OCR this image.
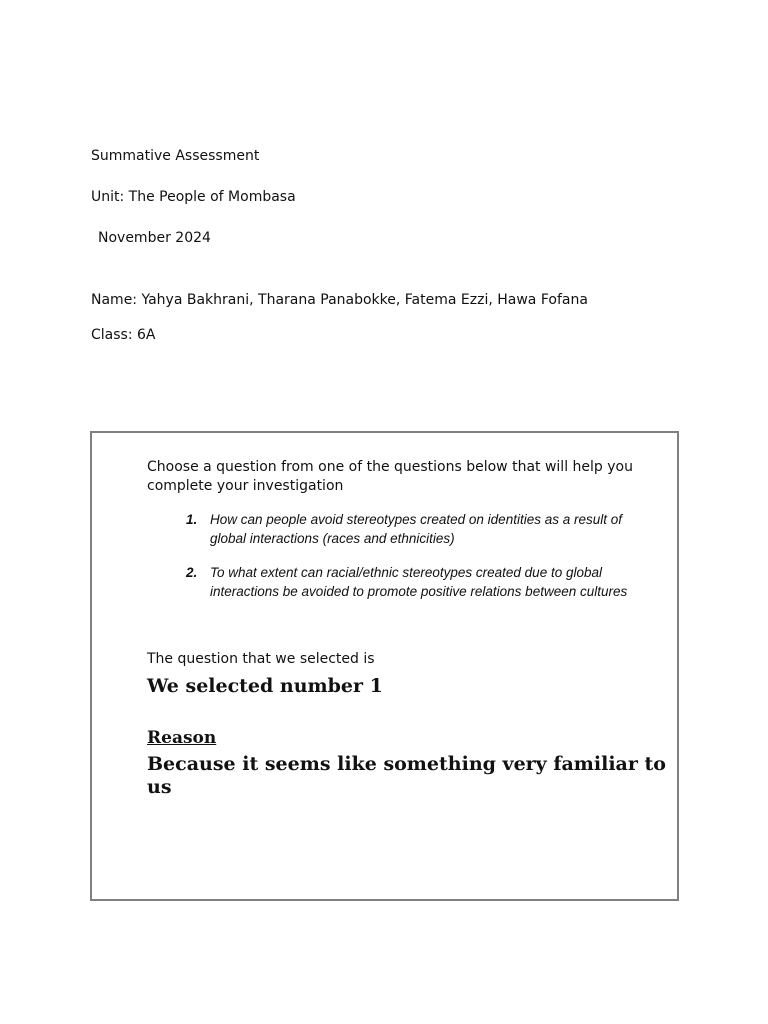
Summative Assessment
Unit: The People of Mombasa
November 2024
Name: Yahya Bakhrani, Tharana Panabokke, Fatema Ezzi, Hawa Fofana
Class: 6A
Choose a question from one of the questions below that will help you complete your investigation
1. How can people avoid stereotypes created on identities as a result of global interactions (races and ethnicities)
2. To what extent can racial/ethnic stereotypes created due to global interactions be avoided to promote positive relations between cultures
The question that we selected is
We selected number 1
Reason
Because it seems like something very familiar to us
